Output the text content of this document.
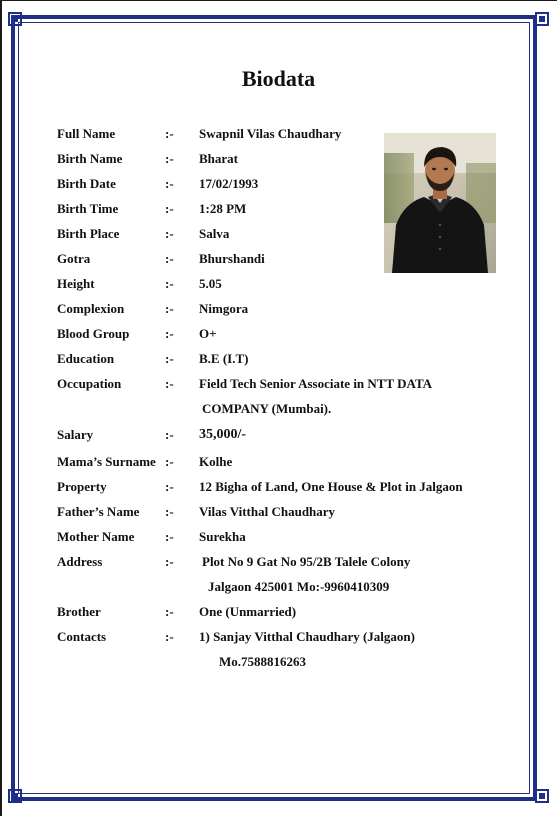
Biodata
Full Name	:- Swapnil Vilas Chaudhary
Birth Name	:- Bharat
Birth Date	:- 17/02/1993
Birth Time	:- 1:28 PM
Birth Place	:- Salva
Gotra	:- Bhurshandi
Height	:- 5.05
Complexion	:- Nimgora
Blood Group	:- O+
Education	:- B.E (I.T)
Occupation	:- Field Tech Senior Associate in NTT DATA
COMPANY (Mumbai).
Salary	:- 35,000/-
Mama’s Surname :- Kolhe
Property	:- 12 Bigha of Land, One House & Plot in Jalgaon
Father’s Name :- Vilas Vitthal Chaudhary
Mother Name :- Surekha
Address	:- Plot No 9 Gat No 95/2B Talele Colony
Jalgaon 425001 Mo:-9960410309
Brother	:- One (Unmarried)
Contacts	:- 1) Sanjay Vitthal Chaudhary (Jalgaon)
Mo.7588816263
